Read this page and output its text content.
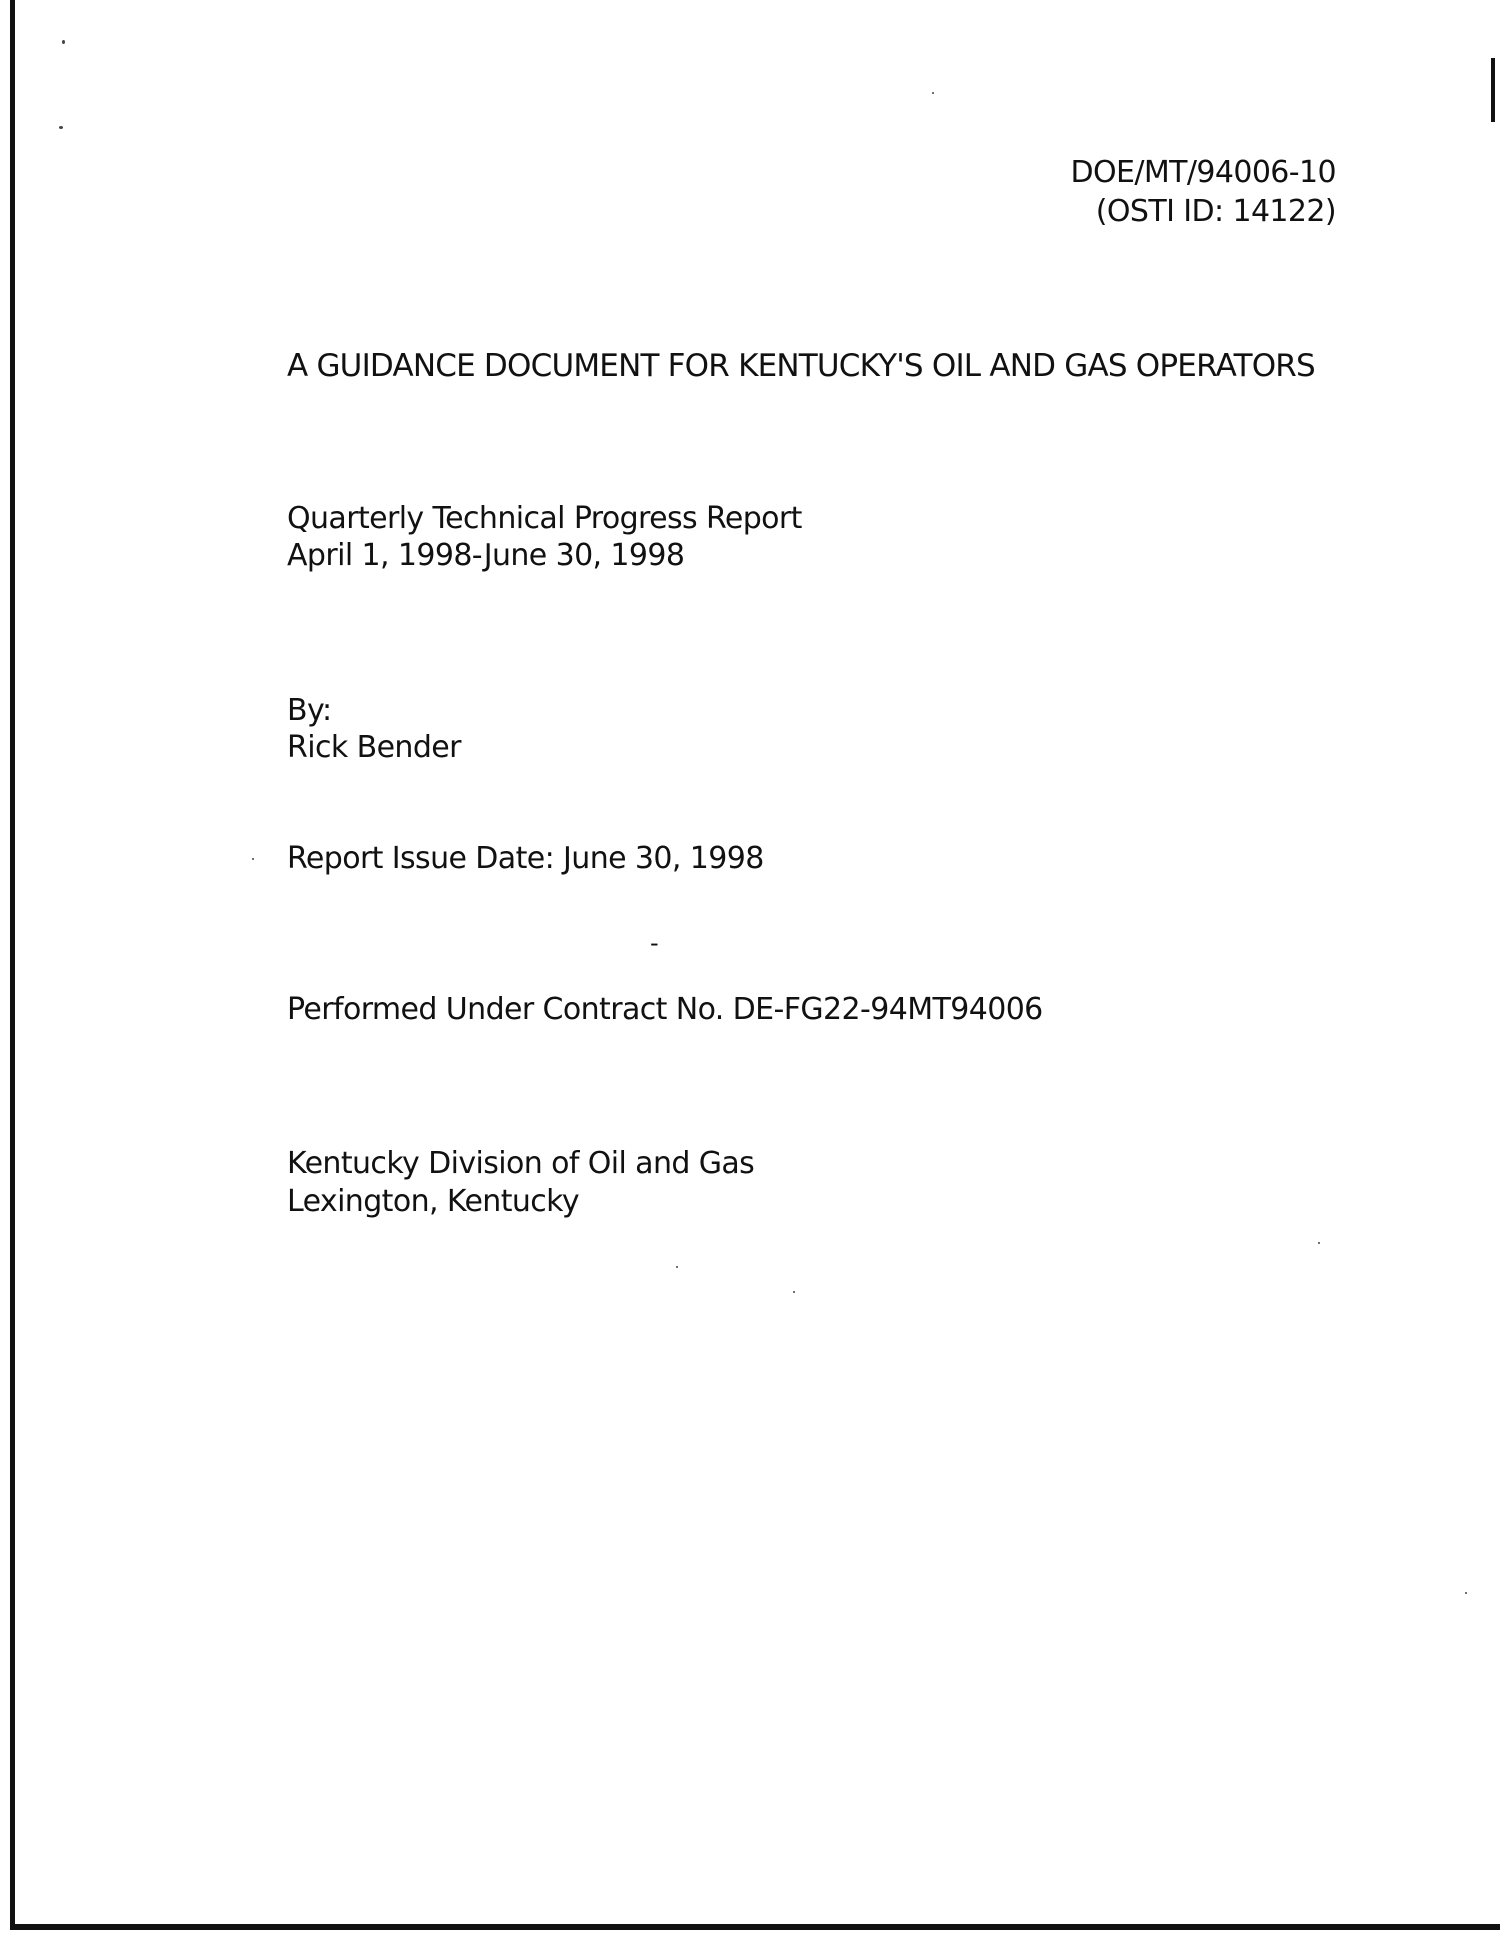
DOE/MT/94006-10
(OSTI ID: 14122)
A GUIDANCE DOCUMENT FOR KENTUCKY'S OIL AND GAS OPERATORS
Quarterly Technical Progress Report
April 1, 1998-June 30, 1998
By:
Rick Bender
Report Issue Date: June 30, 1998
-
Performed Under Contract No. DE-FG22-94MT94006
Kentucky Division of Oil and Gas
Lexington, Kentucky
